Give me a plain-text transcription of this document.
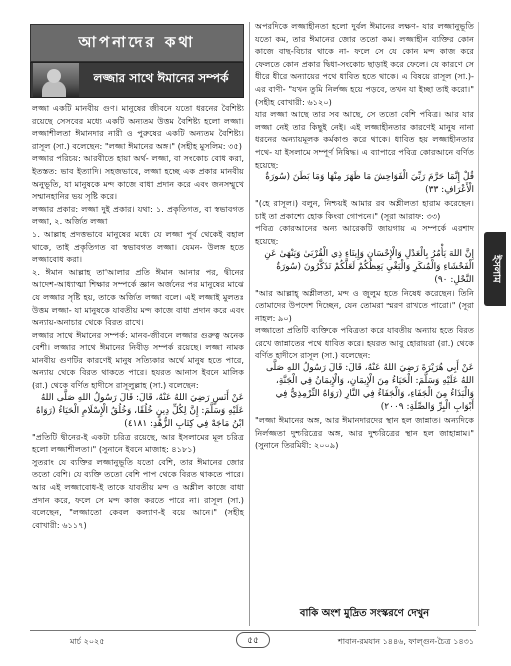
আপনাদের কথা
লজ্জার সাথে ঈমানের সম্পর্ক

লজ্জা একটি মানবীয় গুণ। মানুষের জীবনে যতো ধরনের বৈশিষ্ট্য রয়েছে সেসবের মধ্যে একটি অন্যতম উত্তম বৈশিষ্ট্য হলো লজ্জা। লজ্জাশীলতা ঈমানদার নারী ও পুরুষের একটি অন্যতম বৈশিষ্ট্য। রাসূল (সা.) বলেছেন: "লজ্জা ঈমানের অঙ্গ।" (সহীহ মুসলিম: ৩৫)

লজ্জার পরিচয়: আরবীতে হায়া অর্থ- লজ্জা, বা সংকোচ বোধ করা, ইতস্তত: ভাব ইত্যাদি। সহজভাবে, লজ্জা হচ্ছে এক প্রকার মানবীয় অনুভূতি, যা মানুষকে মন্দ কাজে বাধা প্রদান করে এবং জনসম্মুখে সম্মানহানির ভয় সৃষ্টি করে।

লজ্জার প্রকার: লজ্জা দুই প্রকার। যথা: ১. প্রকৃতিগত, বা স্বভাবগত লজ্জা, ২. অর্জিত লজ্জা

১. আল্লাহ প্রদত্তভাবে মানুষের মধ্যে যে লজ্জা পূর্ব থেকেই বহাল থাকে, তাই প্রকৃতিগত বা স্বভাবগত লজ্জা। যেমন- উলঙ্গ হতে লজ্জাবোধ করা।

২. ঈমান আল্লাহ তা'আলার প্রতি ঈমান আনার পর, দ্বীনের আদেশ-আধ্যাত্মা শিক্ষার সম্পর্কে জ্ঞান অর্জনের পর মানুষের মাঝে যে লজ্জার সৃষ্টি হয়, তাকে অর্জিত লজ্জা বলে। এই লজ্জাই মুলতঃ উত্তম লজ্জা- যা মানুষকে যাবতীয় মন্দ কাজে বাধা প্রদান করে এবং অন্যায়-অনাচার থেকে বিরত রাখে।

লজ্জার সাথে ঈমানের সম্পর্ক: মানব-জীবনে লজ্জার গুরুত্ব অনেক বেশী। লজ্জার সাথে ঈমানের নিবীড় সম্পর্ক রয়েছে। লজ্জা নামক মানবীয় গুণটির কারণেই মানুষ সত্যিকার অর্থে মানুষ হতে পারে, অন্যায় থেকে বিরত থাকতে পারে। হযরত আনাস ইবনে মালিক (রা.) থেকে বর্ণিত হাদীসে রাসূলুল্লাহ (সা.) বলেছেন:

عَنْ أَنَسٍ رَضِيَ اللهُ عَنْهُ، قَالَ: قَالَ رَسُولُ اللهِ صَلَّى اللهُ عَلَيْهِ وَسَلَّمَ: إِنَّ لِكُلِّ دِينٍ خُلُقًا، وَخُلُقُ الْإِسْلَامِ الْحَيَاءُ (رَوَاهُ ابْنُ مَاجَهْ فِي كِتَابِ الزُّهْدِ: ٤١٨١)

"প্রতিটি দ্বীনের-ই একটা চরিত্র রয়েছে, আর ইসলামের মূল চরিত্র হলো লজ্জাশীলতা।" (সুনানে ইবনে মাজাহ: ৪১৮১)

সুতরাং যে ব্যক্তির লজ্জানুভূতি যতো বেশি, তার ঈমানের জোর ততো বেশি। যে ব্যক্তি ততো বেশি পাপ থেকে বিরত থাকতে পারে। আর এই লজ্জাবোধ-ই তাকে যাবতীয় মন্দ ও অশ্লীল কাজে বাধা প্রদান করে, ফলে সে মন্দ কাজ করতে পারে না। রাসূল (সা.) বলেছেন, "লজ্জাতো কেবল কল্যাণ-ই বয়ে আনে।" (সহীহ বোখারী: ৬১১৭)

অপরদিকে লজ্জাহীনতা হলো দুর্বল ঈমানের লক্ষণ- যার লজ্জানুভূতি যতো কম, তার ঈমানের জোর ততো কম। লজ্জাহীন ব্যক্তির কোন কাজে বাছ-বিচার থাকে না- ফলে সে যে কোন মন্দ কাজ করে ফেলতে কোন প্রকার দ্বিধা-সংকোচ ছাড়াই করে ফেলে। যে কারণে সে ধীরে ধীরে অন্যায়ের পথে ধাবিত হতে থাকে। এ বিষয়ে রাসূল (সা.)-এর বাণী- "যখন তুমি নির্লজ্জ হয়ে পড়বে, তখন যা ইচ্ছা তাই করো।" (সহীহ বোখারী: ৬১২০)

যার লজ্জা আছে তার সব আছে, সে ততো বেশি পবিত্র। আর যার লজ্জা নেই তার কিছুই নেই। এই লজ্জাহীনতার কারণেই মানুষ নানা ধরনের অন্যায়মূলক কর্মকাণ্ড করে থাকে। ধাবিত হয় লজ্জাহীনতার পথে- যা ইসলামে সম্পূর্ণ নিষিদ্ধ। এ ব্যাপারে পবিত্র কোরআনে বর্ণিত হয়েছে:

قُلْ إِنَّمَا حَرَّمَ رَبِّيَ الْفَوَاحِشَ مَا ظَهَرَ مِنْهَا وَمَا بَطَنَ (سُورَةُ الْأَعْرَافِ: ٣٣)

"(হে রাসূল।) বলুন, নিশ্চয়ই আমার রব অশ্লীলতা হারাম করেছেন। চাই তা প্রকাশ্যে হোক কিংবা গোপনে।" (সূরা আরাফ: ৩৩)

পবিত্র কোরআনের অন্য আরেকটি জায়গায় এ সম্পর্কে এরশাদ হয়েছে:

إِنَّ اللهَ يَأْمُرُ بِالْعَدْلِ وَالْإِحْسَانِ وَإِيتَاءِ ذِي الْقُرْبَىٰ وَيَنْهَىٰ عَنِ الْفَحْشَاءِ وَالْمُنكَرِ وَالْبَغْيِ يَعِظُكُمْ لَعَلَّكُمْ تَذَكَّرُونَ (سُورَةُ النَّحْلِ: ٩٠)

"আর আল্লাহ্ অশ্লীলতা, মন্দ ও জুলুম হতে নিষেধ করেছেন। তিনি তোমাদের উপদেশ দিচ্ছেন, যেন তোমরা স্মরণ রাখতে পারো।" (সূরা নাহল: ৯০)

লজ্জাতো প্রতিটি ব্যক্তিকে পবিত্রতা করে যাবতীয় অন্যায় হতে বিরত রেখে জান্নাতের পথে ধাবিত করে। হযরত আবু হোরায়রা (রা.) থেকে বর্ণিত হাদীসে রাসূল (সা.) বলেছেন:

عَنْ أَبِي هُرَيْرَةَ رَضِيَ اللهُ عَنْهُ، قَالَ: قَالَ رَسُولُ اللهِ صَلَّى اللهُ عَلَيْهِ وَسَلَّمَ: الْحَيَاءُ مِنَ الْإِيمَانِ، وَالْإِيمَانُ فِي الْجَنَّةِ، وَالْبَذَاءُ مِنَ الْجَفَاءِ، وَالْجَفَاءُ فِي النَّارِ (رَوَاهُ التِّرْمِذِيُّ فِي أَبْوَابِ الْبِرِّ وَالصِّلَةِ: ٢٠٠٩)

"লজ্জা ঈমানের অঙ্গ, আর ঈমানদারদের স্থান হল জান্নাত। অন্যদিকে নির্লজ্জতা দুশ্চরিত্রের অঙ্গ, আর দুশ্চরিত্রের স্থান হল জাহান্নাম।" (সুনানে তিরমিযী: ২০০৯)

বাকি অংশ মুদ্রিত সংস্করণে দেখুন
ইসলাম
মার্চ ২০২৫	৫৫	শাবান-রমযান ১৪৪৬, ফাল্গুন-চৈত্র ১৪৩১
